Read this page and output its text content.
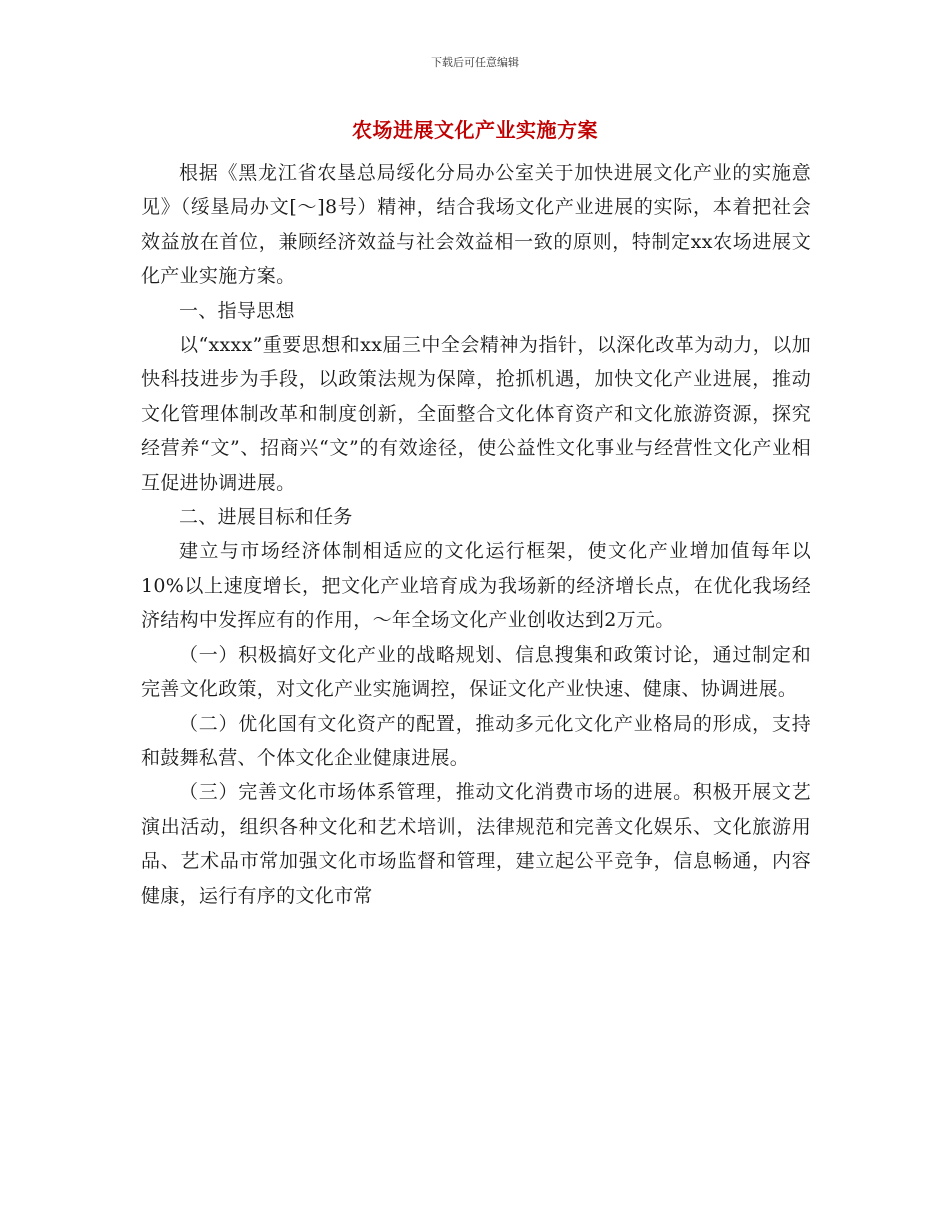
下载后可任意编辑
农场进展文化产业实施方案

根据《黑龙江省农垦总局绥化分局办公室关于加快进展文化产业的实施意见》（绥垦局办文[～]8号）精神，结合我场文化产业进展的实际，本着把社会效益放在首位，兼顾经济效益与社会效益相一致的原则，特制定xx农场进展文化产业实施方案。

一、指导思想

以“xxxx”重要思想和xx届三中全会精神为指针，以深化改革为动力，以加快科技进步为手段，以政策法规为保障，抢抓机遇，加快文化产业进展，推动文化管理体制改革和制度创新，全面整合文化体育资产和文化旅游资源，探究经营养“文”、招商兴“文”的有效途径，使公益性文化事业与经营性文化产业相互促进协调进展。

二、进展目标和任务

建立与市场经济体制相适应的文化运行框架，使文化产业增加值每年以10%以上速度增长，把文化产业培育成为我场新的经济增长点，在优化我场经济结构中发挥应有的作用，～年全场文化产业创收达到2万元。

（一）积极搞好文化产业的战略规划、信息搜集和政策讨论，通过制定和完善文化政策，对文化产业实施调控，保证文化产业快速、健康、协调进展。

（二）优化国有文化资产的配置，推动多元化文化产业格局的形成，支持和鼓舞私营、个体文化企业健康进展。

（三）完善文化市场体系管理，推动文化消费市场的进展。积极开展文艺演出活动，组织各种文化和艺术培训，法律规范和完善文化娱乐、文化旅游用品、艺术品市常加强文化市场监督和管理，建立起公平竞争，信息畅通，内容健康，运行有序的文化市常
